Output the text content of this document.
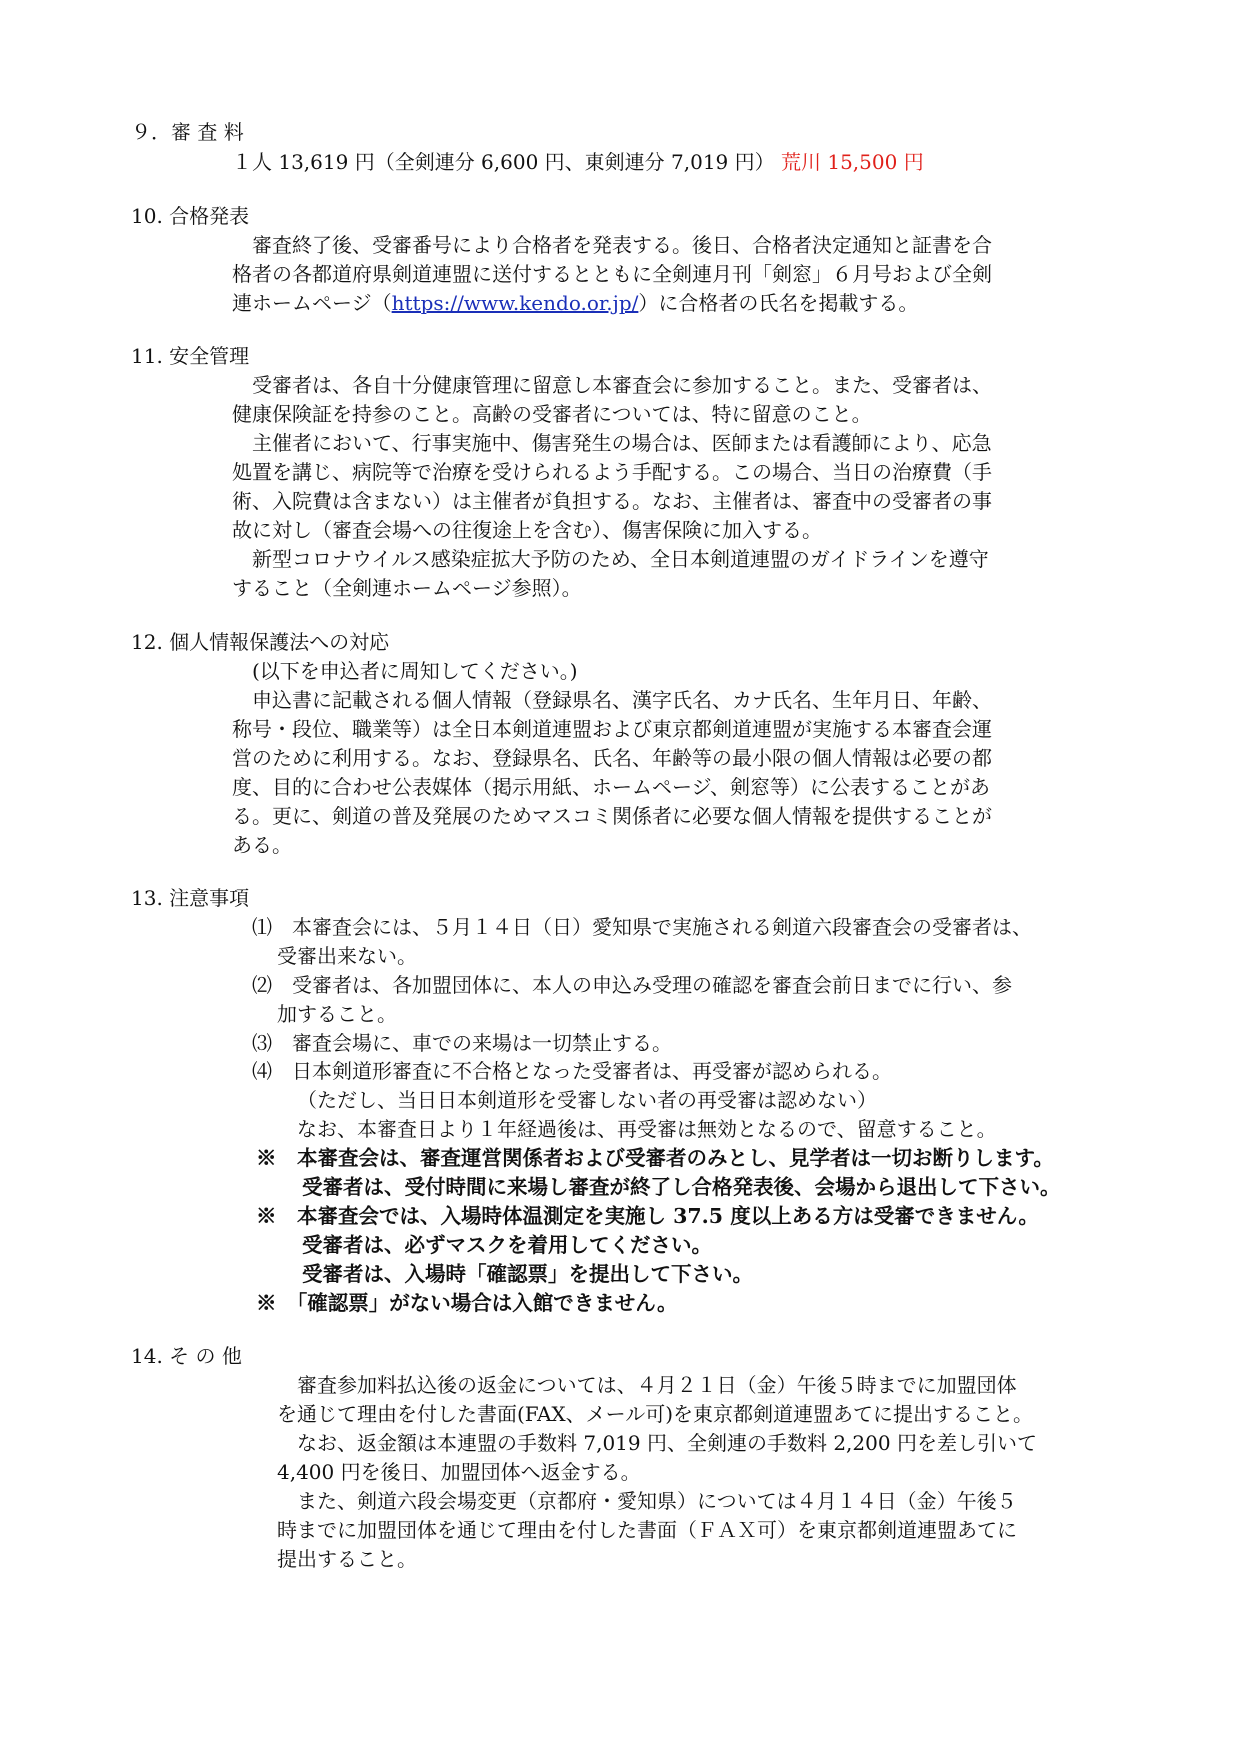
９．審 査 料
１人 13,619 円（全剣連分 6,600 円、東剣連分 7,019 円） 荒川 15,500 円
10. 合格発表
審査終了後、受審番号により合格者を発表する。後日、合格者決定通知と証書を合
格者の各都道府県剣道連盟に送付するとともに全剣連月刊「剣窓」６月号および全剣
連ホームページ（https://www.kendo.or.jp/）に合格者の氏名を掲載する。
11. 安全管理
受審者は、各自十分健康管理に留意し本審査会に参加すること。また、受審者は、
健康保険証を持参のこと。高齢の受審者については、特に留意のこと。
主催者において、行事実施中、傷害発生の場合は、医師または看護師により、応急
処置を講じ、病院等で治療を受けられるよう手配する。この場合、当日の治療費（手
術、入院費は含まない）は主催者が負担する。なお、主催者は、審査中の受審者の事
故に対し（審査会場への往復途上を含む）、傷害保険に加入する。
新型コロナウイルス感染症拡大予防のため、全日本剣道連盟のガイドラインを遵守
すること（全剣連ホームページ参照）。
12. 個人情報保護法への対応
(以下を申込者に周知してください。)
申込書に記載される個人情報（登録県名、漢字氏名、カナ氏名、生年月日、年齢、
称号・段位、職業等）は全日本剣道連盟および東京都剣道連盟が実施する本審査会運
営のために利用する。なお、登録県名、氏名、年齢等の最小限の個人情報は必要の都
度、目的に合わせ公表媒体（掲示用紙、ホームページ、剣窓等）に公表することがあ
る。更に、剣道の普及発展のためマスコミ関係者に必要な個人情報を提供することが
ある。
13. 注意事項
⑴　本審査会には、５月１４日（日）愛知県で実施される剣道六段審査会の受審者は、
受審出来ない。
⑵　受審者は、各加盟団体に、本人の申込み受理の確認を審査会前日までに行い、参
加すること。
⑶　審査会場に、車での来場は一切禁止する。
⑷　日本剣道形審査に不合格となった受審者は、再受審が認められる。
（ただし、当日日本剣道形を受審しない者の再受審は認めない）
なお、本審査日より１年経過後は、再受審は無効となるので、留意すること。
※　本審査会は、審査運営関係者および受審者のみとし、見学者は一切お断りします。
受審者は、受付時間に来場し審査が終了し合格発表後、会場から退出して下さい。
※　本審査会では、入場時体温測定を実施し 37.5 度以上ある方は受審できません。
受審者は、必ずマスクを着用してください。
受審者は、入場時「確認票」を提出して下さい。
※　「確認票」がない場合は入館できません。
14. そ の 他
審査参加料払込後の返金については、４月２１日（金）午後５時までに加盟団体
を通じて理由を付した書面(FAX、メール可)を東京都剣道連盟あてに提出すること。
なお、返金額は本連盟の手数料 7,019 円、全剣連の手数料 2,200 円を差し引いて
4,400 円を後日、加盟団体へ返金する。
また、剣道六段会場変更（京都府・愛知県）については４月１４日（金）午後５
時までに加盟団体を通じて理由を付した書面（ＦＡＸ可）を東京都剣道連盟あてに
提出すること。
